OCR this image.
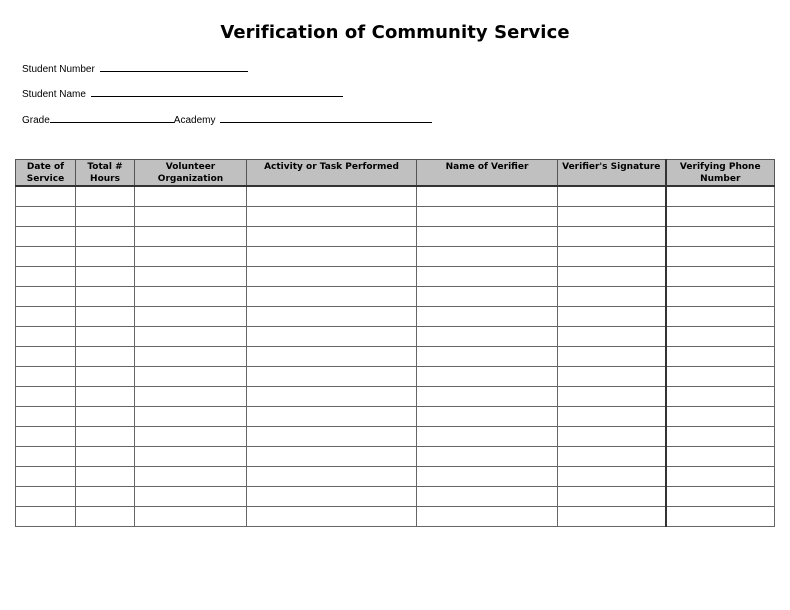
Verification of Community Service
Student Number
Student Name
Grade	Academy
Date of Service	Total # Hours	Volunteer Organization	Activity or Task Performed	Name of Verifier	Verifier's Signature	Verifying Phone Number
